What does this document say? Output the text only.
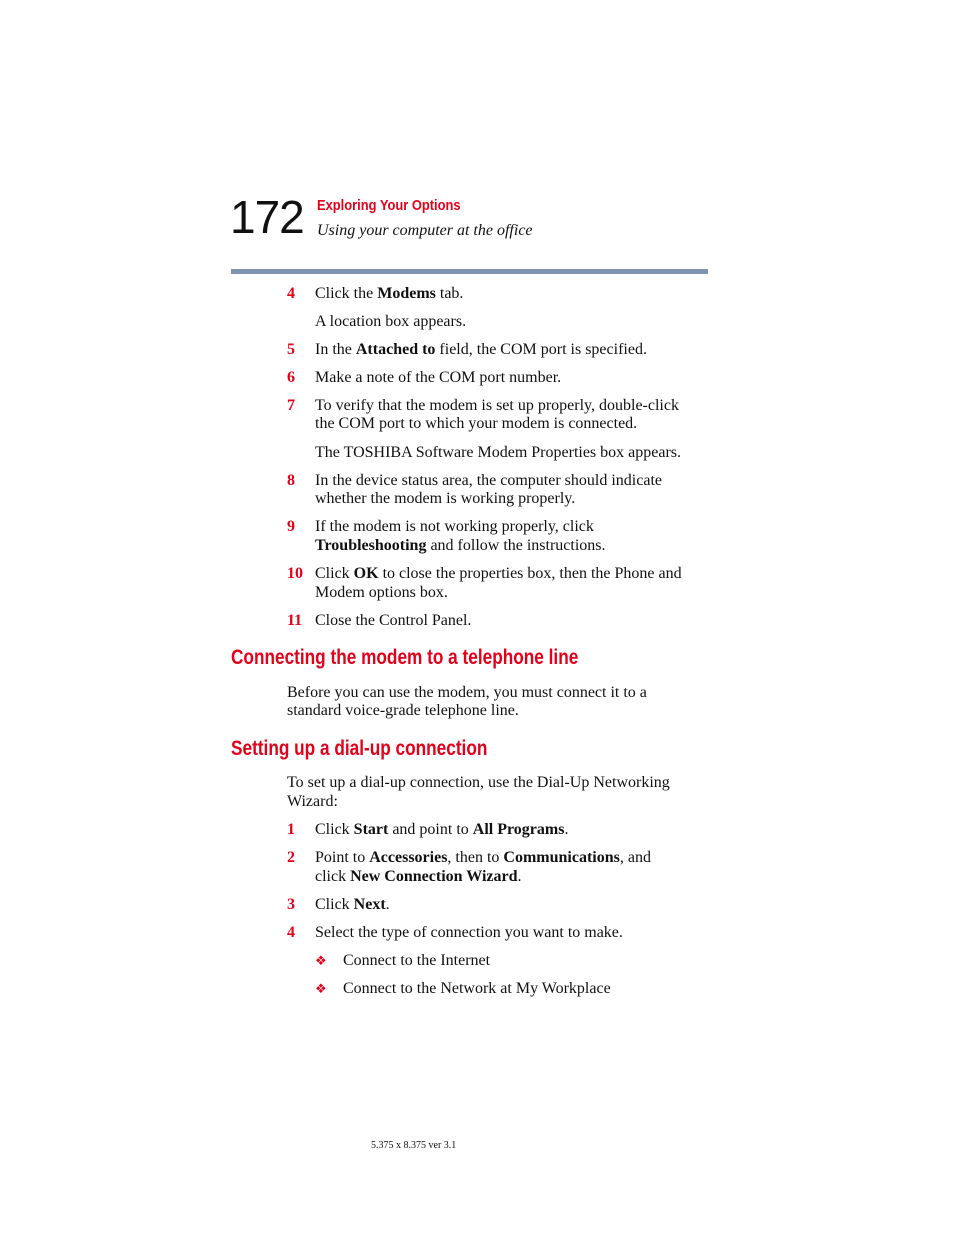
172 Exploring Your Options
Using your computer at the office
4	Click the Modems tab.
A location box appears.
5	In the Attached to field, the COM port is specified.
6	Make a note of the COM port number.
7	To verify that the modem is set up properly, double-click
the COM port to which your modem is connected.
The TOSHIBA Software Modem Properties box appears.
8	In the device status area, the computer should indicate
whether the modem is working properly.
9	If the modem is not working properly, click
Troubleshooting and follow the instructions.
10 Click OK to close the properties box, then the Phone and
Modem options box.
11 Close the Control Panel.
Connecting the modem to a telephone line
Before you can use the modem, you must connect it to a
standard voice-grade telephone line.
Setting up a dial-up connection
To set up a dial-up connection, use the Dial-Up Networking
Wizard:
1	Click Start and point to All Programs.
2	Point to Accessories, then to Communications, and
click New Connection Wizard.
3	Click Next.
4	Select the type of connection you want to make.
❖ Connect to the Internet
❖ Connect to the Network at My Workplace
5.375 x 8.375 ver 3.1
